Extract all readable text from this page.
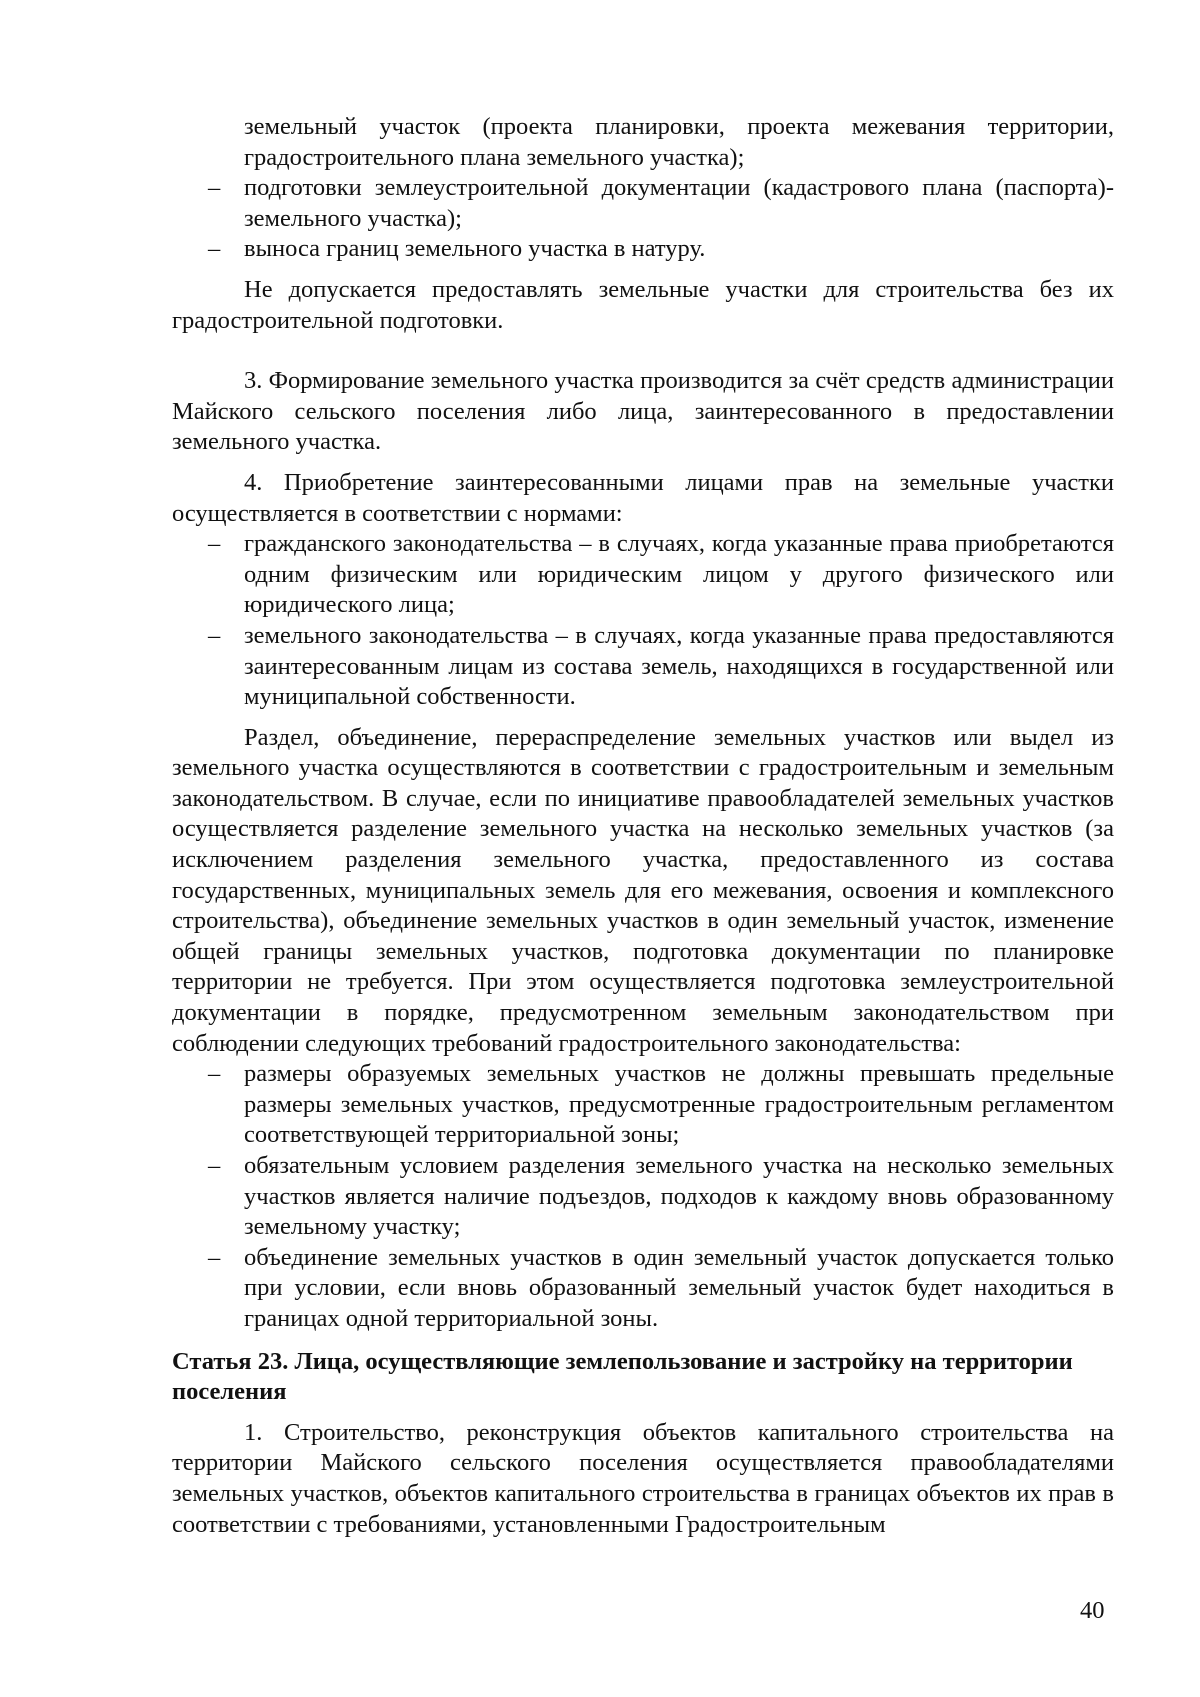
земельный участок (проекта планировки, проекта межевания территории, градостроительного плана земельного участка);

– подготовки землеустроительной документации (кадастрового плана (паспорта)-земельного участка);
– выноса границ земельного участка в натуру.

Не допускается предоставлять земельные участки для строительства без их градостроительной подготовки.

3. Формирование земельного участка производится за счёт средств администрации Майского сельского поселения либо лица, заинтересованного в предоставлении земельного участка.

4. Приобретение заинтересованными лицами прав на земельные участки осуществляется в соответствии с нормами:

– гражданского законодательства – в случаях, когда указанные права приобретаются одним физическим или юридическим лицом у другого физического или юридического лица;
– земельного законодательства – в случаях, когда указанные права предоставляются заинтересованным лицам из состава земель, находящихся в государственной или муниципальной собственности.

Раздел, объединение, перераспределение земельных участков или выдел из земельного участка осуществляются в соответствии с градостроительным и земельным законодательством. В случае, если по инициативе правообладателей земельных участков осуществляется разделение земельного участка на несколько земельных участков (за исключением разделения земельного участка, предоставленного из состава государственных, муниципальных земель для его межевания, освоения и комплексного строительства), объединение земельных участков в один земельный участок, изменение общей границы земельных участков, подготовка документации по планировке территории не требуется. При этом осуществляется подготовка землеустроительной документации в порядке, предусмотренном земельным законодательством при соблюдении следующих требований градостроительного законодательства:

– размеры образуемых земельных участков не должны превышать предельные размеры земельных участков, предусмотренные градостроительным регламентом соответствующей территориальной зоны;
– обязательным условием разделения земельного участка на несколько земельных участков является наличие подъездов, подходов к каждому вновь образованному земельному участку;
– объединение земельных участков в один земельный участок допускается только при условии, если вновь образованный земельный участок будет находиться в границах одной территориальной зоны.

Статья 23. Лица, осуществляющие землепользование и застройку на территории поселения

1. Строительство, реконструкция объектов капитального строительства на территории Майского сельского поселения осуществляется правообладателями земельных участков, объектов капитального строительства в границах объектов их прав в соответствии с требованиями, установленными Градостроительным

40
